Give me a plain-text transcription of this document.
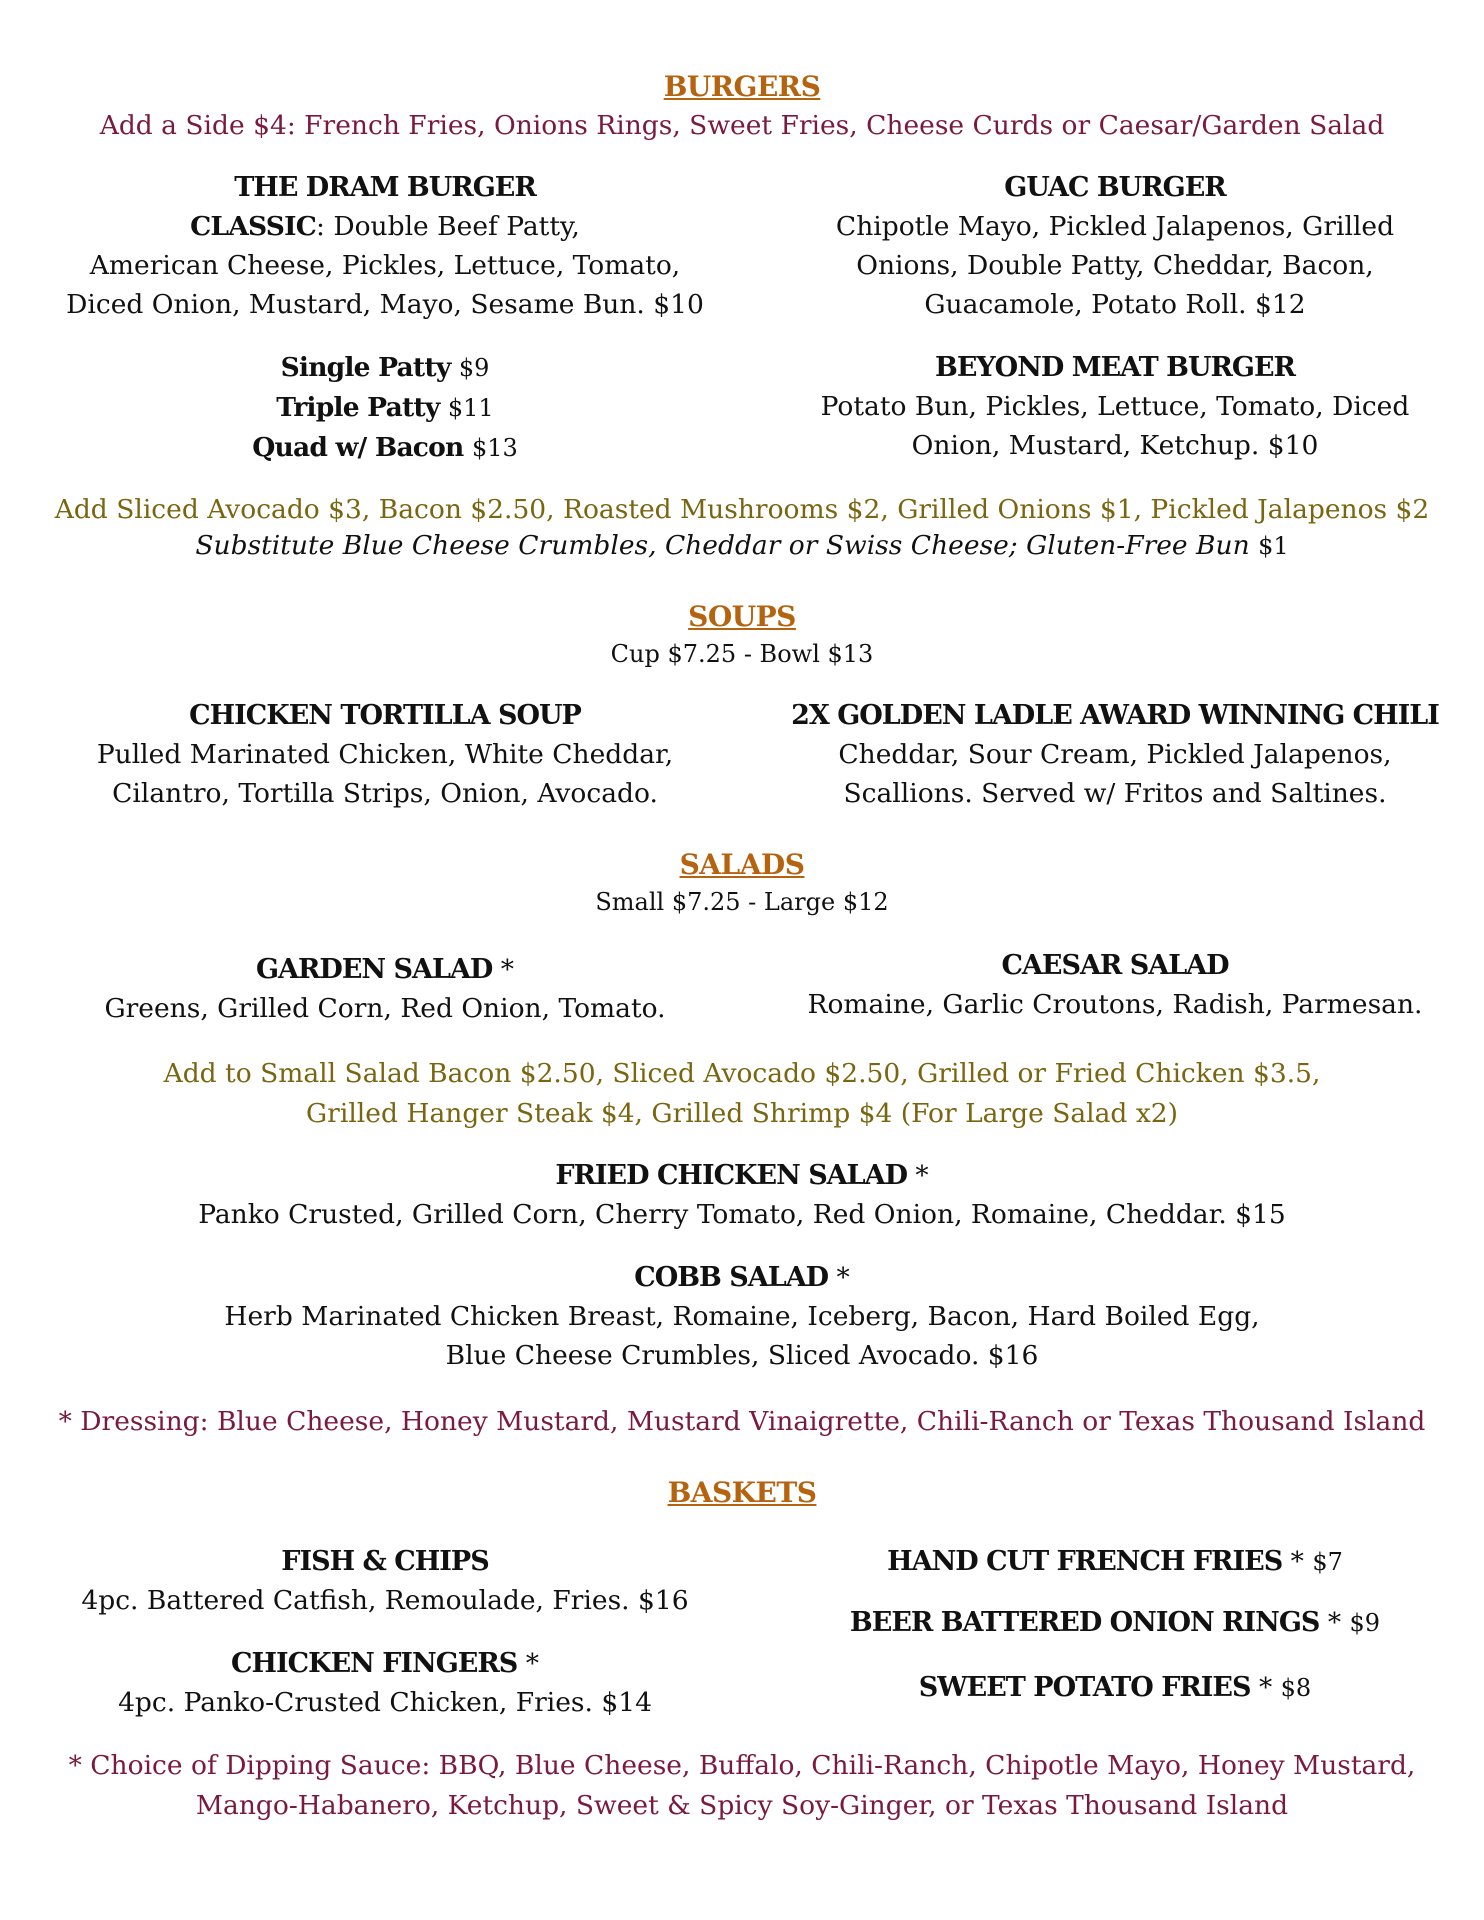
BURGERS
Add a Side $4: French Fries, Onions Rings, Sweet Fries, Cheese Curds or Caesar/Garden Salad
THE DRAM BURGER
CLASSIC: Double Beef Patty,
American Cheese, Pickles, Lettuce, Tomato,
Diced Onion, Mustard, Mayo, Sesame Bun. $10
GUAC BURGER
Chipotle Mayo, Pickled Jalapenos, Grilled
Onions, Double Patty, Cheddar, Bacon,
Guacamole, Potato Roll. $12
Single Patty $9
Triple Patty $11
Quad w/ Bacon $13
BEYOND MEAT BURGER
Potato Bun, Pickles, Lettuce, Tomato, Diced
Onion, Mustard, Ketchup. $10
Add Sliced Avocado $3, Bacon $2.50, Roasted Mushrooms $2, Grilled Onions $1, Pickled Jalapenos $2
Substitute Blue Cheese Crumbles, Cheddar or Swiss Cheese; Gluten-Free Bun $1
SOUPS
Cup $7.25 - Bowl $13
CHICKEN TORTILLA SOUP
Pulled Marinated Chicken, White Cheddar,
Cilantro, Tortilla Strips, Onion, Avocado.
2X GOLDEN LADLE AWARD WINNING CHILI
Cheddar, Sour Cream, Pickled Jalapenos,
Scallions. Served w/ Fritos and Saltines.
SALADS
Small $7.25 - Large $12
GARDEN SALAD *
Greens, Grilled Corn, Red Onion, Tomato.
CAESAR SALAD
Romaine, Garlic Croutons, Radish, Parmesan.
Add to Small Salad Bacon $2.50, Sliced Avocado $2.50, Grilled or Fried Chicken $3.5,
Grilled Hanger Steak $4, Grilled Shrimp $4 (For Large Salad x2)
FRIED CHICKEN SALAD *
Panko Crusted, Grilled Corn, Cherry Tomato, Red Onion, Romaine, Cheddar. $15
COBB SALAD *
Herb Marinated Chicken Breast, Romaine, Iceberg, Bacon, Hard Boiled Egg,
Blue Cheese Crumbles, Sliced Avocado. $16
* Dressing: Blue Cheese, Honey Mustard, Mustard Vinaigrette, Chili-Ranch or Texas Thousand Island
BASKETS
FISH & CHIPS
4pc. Battered Catfish, Remoulade, Fries. $16
CHICKEN FINGERS *
4pc. Panko-Crusted Chicken, Fries. $14
HAND CUT FRENCH FRIES * $7
BEER BATTERED ONION RINGS * $9
SWEET POTATO FRIES * $8
* Choice of Dipping Sauce: BBQ, Blue Cheese, Buffalo, Chili-Ranch, Chipotle Mayo, Honey Mustard,
Mango-Habanero, Ketchup, Sweet & Spicy Soy-Ginger, or Texas Thousand Island
